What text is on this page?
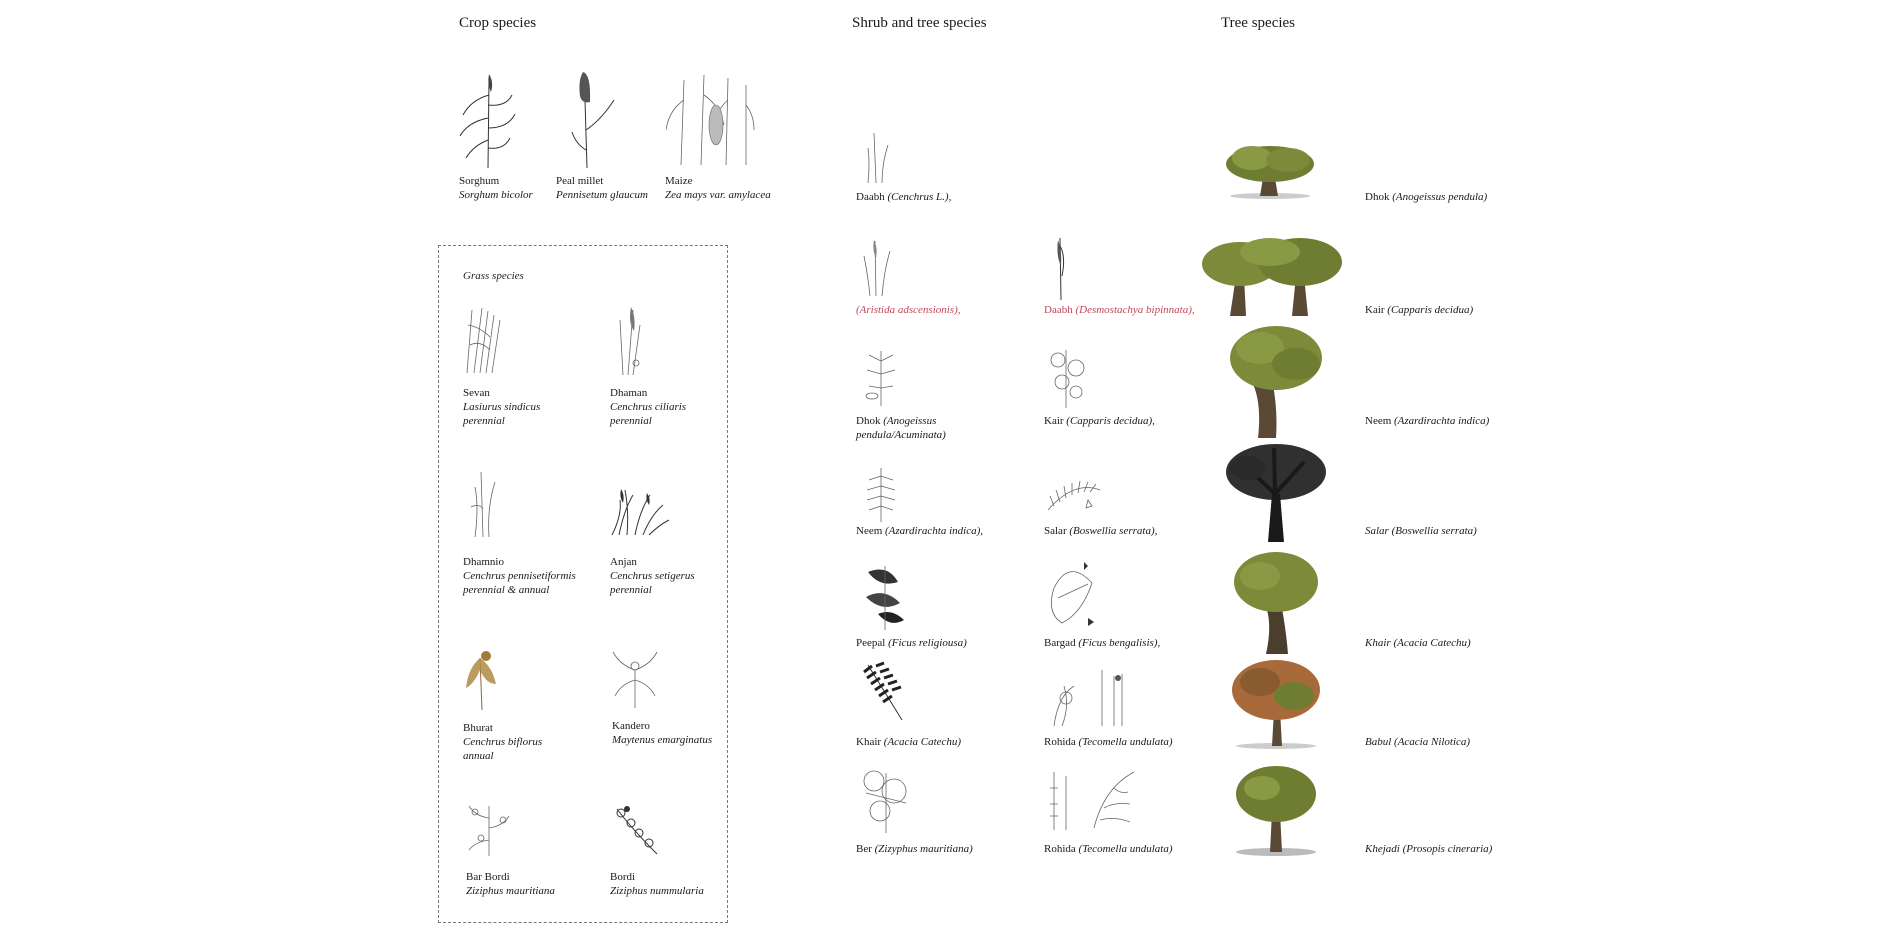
Crop species	Shrub and tree species	Tree species
Sorghum
Sorghum bicolor
Peal millet
Pennisetum glaucum
Maize
Zea mays var. amylacea
Grass species
Sevan
Lasiurus sindicus
perennial
Dhaman
Cenchrus ciliaris
perennial
Dhamnio
Cenchrus pennisetiformis
perennial & annual
Anjan
Cenchrus setigerus
perennial
Bhurat
Cenchrus biflorus
annual
Kandero
Maytenus emarginatus
Bar Bordi
Ziziphus mauritiana
Bordi
Ziziphus nummularia
Daabh (Cenchrus L.),
(Aristida adscensionis),
Dhok (Anogeissus
pendula/Acuminata)
Neem (Azardirachta indica),
Peepal (Ficus religiousa)
Khair (Acacia Catechu)
Ber (Zizyphus mauritiana)
Daabh (Desmostachya bipinnata),
Kair (Capparis decidua),
Salar (Boswellia serrata),
Bargad (Ficus bengalisis),
Rohida (Tecomella undulata)
Rohida (Tecomella undulata)
Dhok (Anogeissus pendula)
Kair (Capparis decidua)
Neem (Azardirachta indica)
Salar (Boswellia serrata)
Khair (Acacia Catechu)
Babul (Acacia Nilotica)
Khejadi (Prosopis cineraria)
